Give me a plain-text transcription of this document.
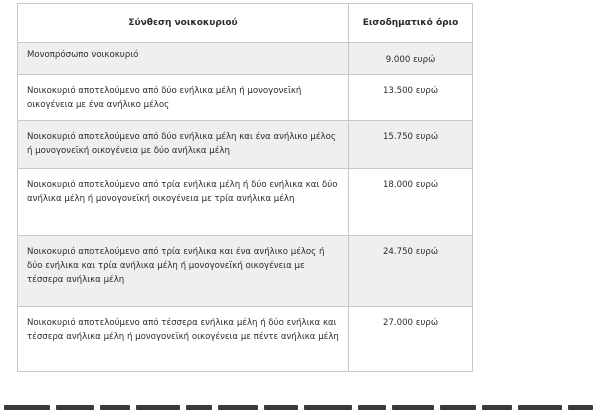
Σύνθεση νοικοκυριού	Εισοδηματικό όριο
Μονοπρόσωπο νοικοκυριό	9.000 ευρώ
Νοικοκυριό αποτελούμενο από δύο ενήλικα μέλη ή μονογονεϊκή οικογένεια με ένα ανήλικο μέλος
13.500 ευρώ
Νοικοκυριό αποτελούμενο από δύο ενήλικα μέλη και ένα ανήλικο μέλος ή μονογονεϊκή οικογένεια με δύο ανήλικα μέλη
15.750 ευρώ
Νοικοκυριό αποτελούμενο από τρία ενήλικα μέλη ή δύο ενήλικα και δύο ανήλικα μέλη ή μονογονεϊκή οικογένεια με τρία ανήλικα μέλη
18.000 ευρώ
Νοικοκυριό αποτελούμενο από τρία ενήλικα και ένα ανήλικο μέλος ή δύο ενήλικα και τρία ανήλικα μέλη ή μονογονεϊκή οικογένεια με τέσσερα ανήλικα μέλη
24.750 ευρώ
Νοικοκυριό αποτελούμενο από τέσσερα ενήλικα μέλη ή δύο ενήλικα και τέσσερα ανήλικα μέλη ή μονογονεϊκή οικογένεια με πέντε ανήλικα μέλη
27.000 ευρώ
